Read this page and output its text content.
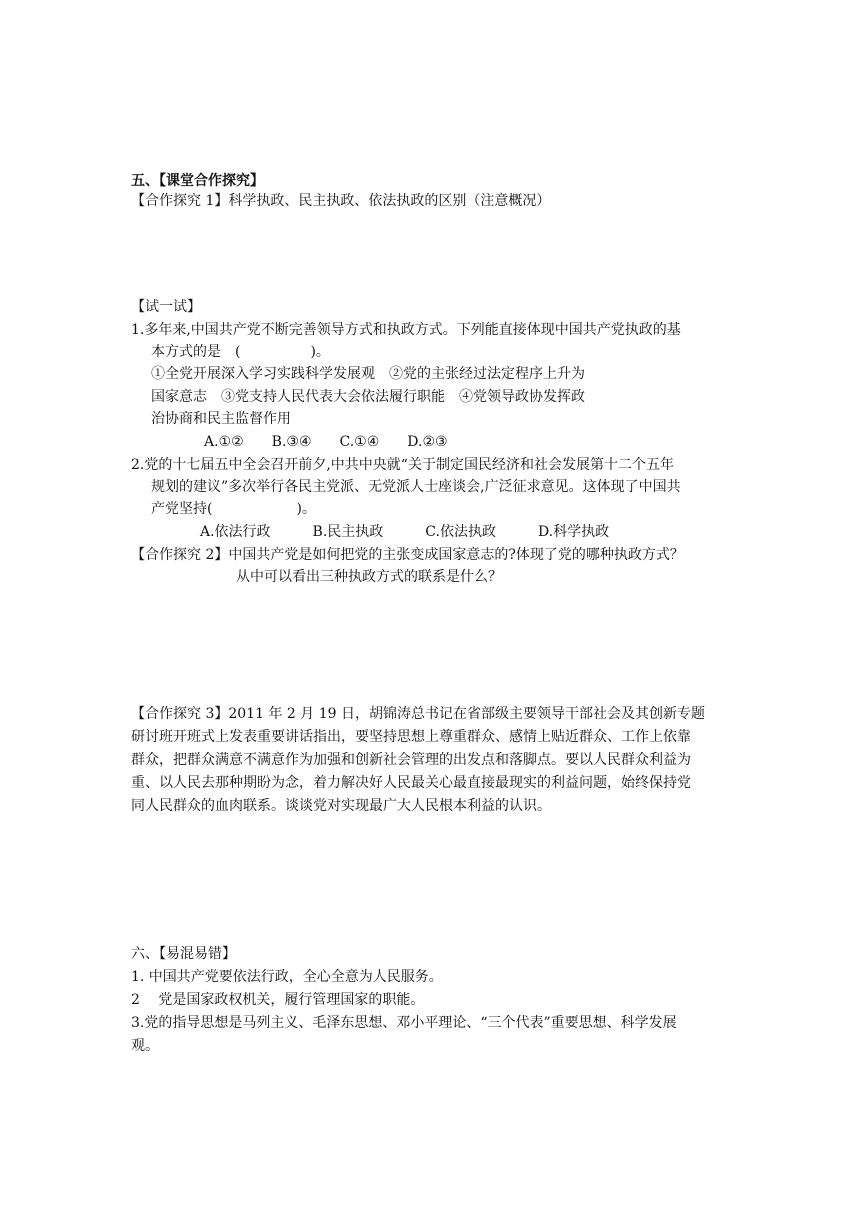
五、【课堂合作探究】
【合作探究 1】科学执政、民主执政、依法执政的区别（注意概况）
【试一试】
1.多年来,中国共产党不断完善领导方式和执政方式。下列能直接体现中国共产党执政的基
本方式的是　(　　　　　)。
①全党开展深入学习实践科学发展观　②党的主张经过法定程序上升为
国家意志　③党支持人民代表大会依法履行职能　④党领导政协发挥政
治协商和民主监督作用
A.①②　　B.③④　　C.①④　　D.②③
2.党的十七届五中全会召开前夕,中共中央就“关于制定国民经济和社会发展第十二个五年
规划的建议”多次举行各民主党派、无党派人士座谈会,广泛征求意见。这体现了中国共
产党坚持(　　　　　　)。
A.依法行政　　　B.民主执政　　　C.依法执政　　　D.科学执政
【合作探究 2】中国共产党是如何把党的主张变成国家意志的?体现了党的哪种执政方式？
从中可以看出三种执政方式的联系是什么？
【合作探究 3】2011 年 2 月 19 日，胡锦涛总书记在省部级主要领导干部社会及其创新专题
研讨班开班式上发表重要讲话指出，要坚持思想上尊重群众、感情上贴近群众、工作上依靠
群众，把群众满意不满意作为加强和创新社会管理的出发点和落脚点。要以人民群众利益为
重、以人民去那种期盼为念，着力解决好人民最关心最直接最现实的利益问题，始终保持党
同人民群众的血肉联系。谈谈党对实现最广大人民根本利益的认识。
六、【易混易错】
1. 中国共产党要依法行政，全心全意为人民服务。
2　 党是国家政权机关，履行管理国家的职能。
3.党的指导思想是马列主义、毛泽东思想、邓小平理论、“三个代表”重要思想、科学发展
观。
